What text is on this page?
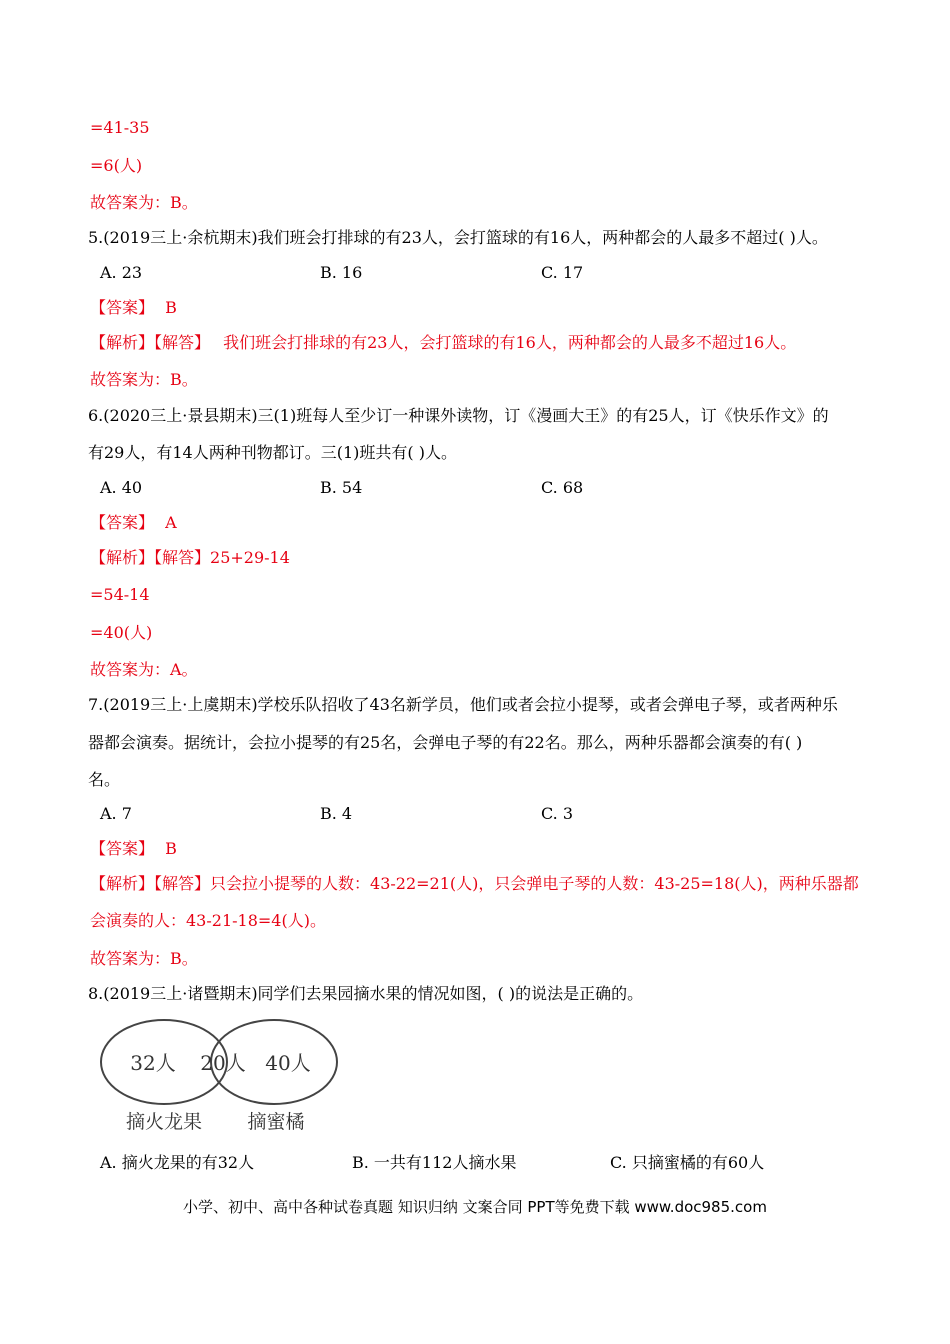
=41-35
=6(人)
故答案为：B。
5.(2019三上·余杭期末)我们班会打排球的有23人，会打篮球的有16人，两种都会的人最多不超过( )人。
A. 23	B. 16	C. 17
【答案】 B
【解析】【解答】 我们班会打排球的有23人，会打篮球的有16人，两种都会的人最多不超过16人。
故答案为：B。
6.(2020三上·景县期末)三(1)班每人至少订一种课外读物，订《漫画大王》的有25人，订《快乐作文》的
有29人，有14人两种刊物都订。三(1)班共有( )人。
A. 40	B. 54	C. 68
【答案】 A
【解析】【解答】25+29-14
=54-14
=40(人)
故答案为：A。
7.(2019三上·上虞期末)学校乐队招收了43名新学员，他们或者会拉小提琴，或者会弹电子琴，或者两种乐
器都会演奏。据统计，会拉小提琴的有25名，会弹电子琴的有22名。那么，两种乐器都会演奏的有( )
名。
A. 7	B. 4	C. 3
【答案】 B
【解析】【解答】只会拉小提琴的人数：43-22=21(人)，只会弹电子琴的人数：43-25=18(人)，两种乐器都
会演奏的人：43-21-18=4(人)。
故答案为：B。
8.(2019三上·诸暨期末)同学们去果园摘水果的情况如图，( )的说法是正确的。
32人 20人 40人
摘火龙果 摘蜜橘
A. 摘火龙果的有32人	B. 一共有112人摘水果	C. 只摘蜜橘的有60人
小学、初中、高中各种试卷真题 知识归纳 文案合同 PPT等免费下载 www.doc985.com
